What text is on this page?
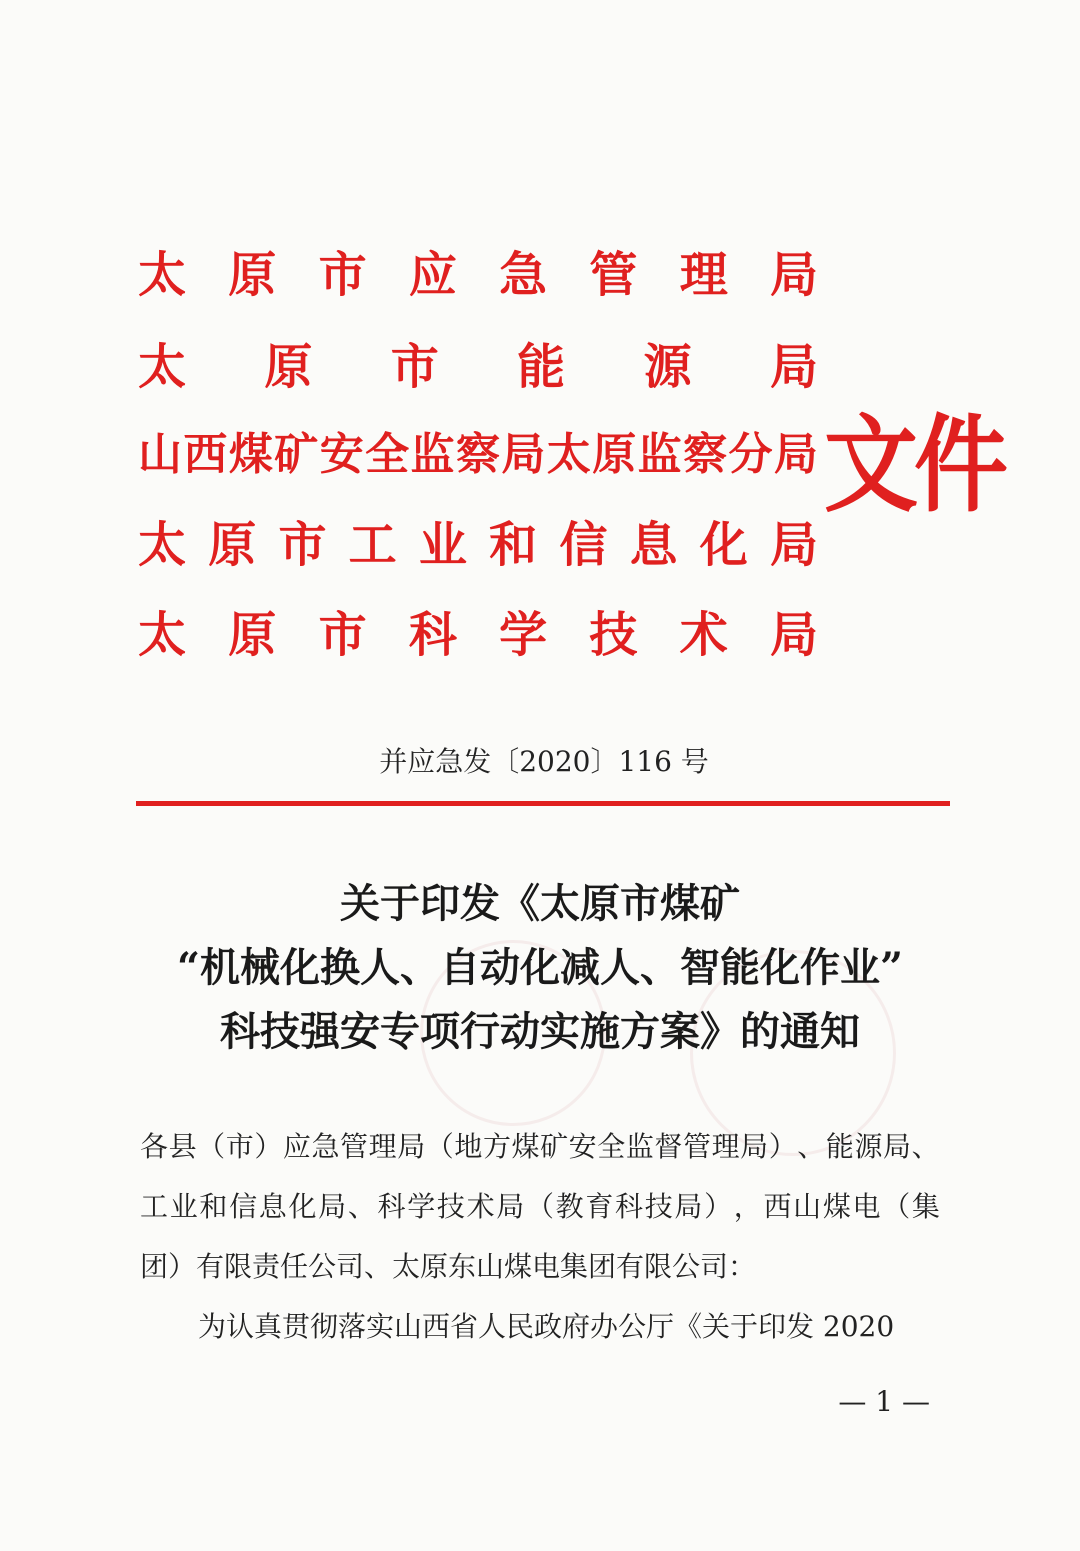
太 原 市 应 急 管 理 局
太 原 市 能 源 局
山 西 煤 矿 安 全 监 察 局 太 原 监 察 分 局
太 原 市 工 业 和 信 息 化 局
太 原 市 科 学 技 术 局
文件
并应急发〔2020〕116 号
关于印发《太原市煤矿
“机械化换人、自动化减人、智能化作业”
科技强安专项行动实施方案》的通知
各 县 （ 市 ） 应 急 管 理 局 （ 地 方 煤 矿 安 全 监 督 管 理 局 ） 、 能 源 局 、
工 业 和 信 息 化 局 、 科 学 技 术 局 （ 教 育 科 技 局 ） ， 西 山 煤 电 （ 集
团）有限责任公司、太原东山煤电集团有限公司：
为认真贯彻落实山西省人民政府办公厅《关于印发 2020
— 1 —
